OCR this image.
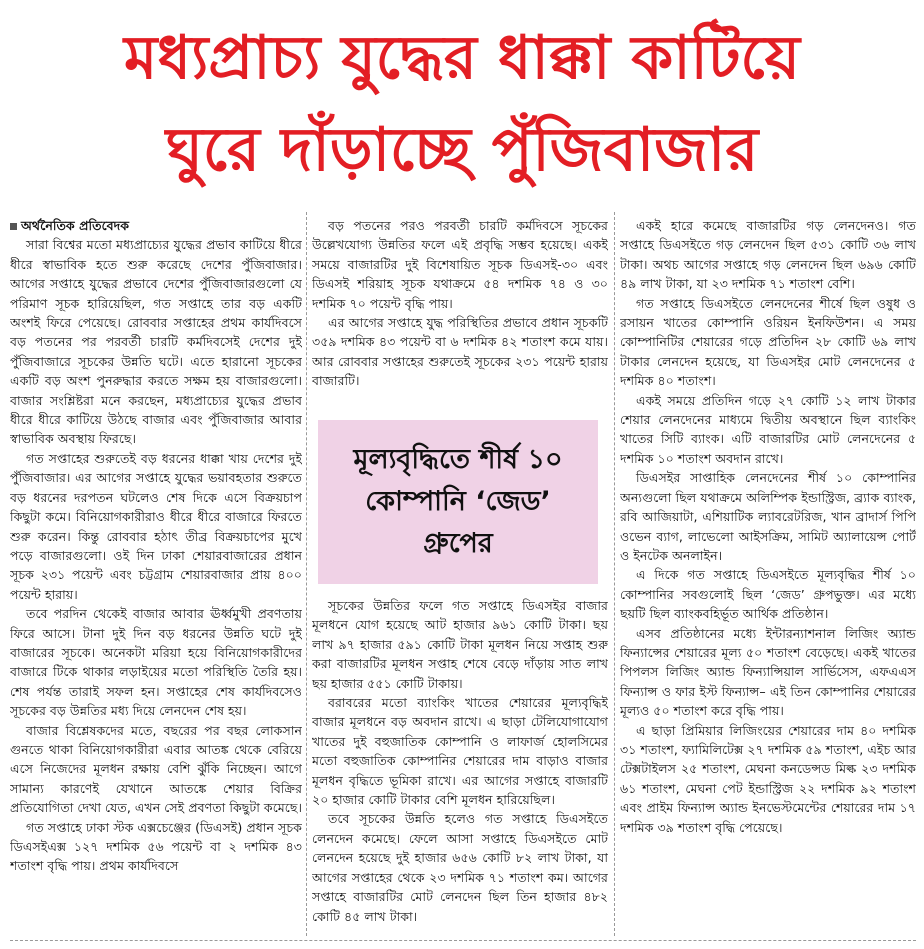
মধ্যপ্রাচ্য যুদ্ধের ধাক্কা কাটিয়ে
ঘুরে দাঁড়াচ্ছে পুঁজিবাজার

অর্থনৈতিক প্রতিবেদক

সারা বিশ্বের মতো মধ্যপ্রাচ্যের যুদ্ধের প্রভাব কাটিয়ে ধীরে ধীরে স্বাভাবিক হতে শুরু করেছে দেশের পুঁজিবাজার। আগের সপ্তাহে যুদ্ধের প্রভাবে দেশের পুঁজিবাজারগুলো যে পরিমাণ সূচক হারিয়েছিল, গত সপ্তাহে তার বড় একটি অংশই ফিরে পেয়েছে। রোববার সপ্তাহের প্রথম কার্যদিবসে বড় পতনের পর পরবর্তী চারটি কর্মদিবসেই দেশের দুই পুঁজিবাজারে সূচকের উন্নতি ঘটে। এতে হারানো সূচকের একটি বড় অংশ পুনরুদ্ধার করতে সক্ষম হয় বাজারগুলো। বাজার সংশ্লিষ্টরা মনে করছেন, মধ্যপ্রাচ্যের যুদ্ধের প্রভাব ধীরে ধীরে কাটিয়ে উঠছে বাজার এবং পুঁজিবাজার আবার স্বাভাবিক অবস্থায় ফিরছে।

গত সপ্তাহের শুরুতেই বড় ধরনের ধাক্কা খায় দেশের দুই পুঁজিবাজার। এর আগের সপ্তাহে যুদ্ধের ভয়াবহতার শুরুতে বড় ধরনের দরপতন ঘটলেও শেষ দিকে এসে বিক্রয়চাপ কিছুটা কমে। বিনিয়োগকারীরাও ধীরে ধীরে বাজারে ফিরতে শুরু করেন। কিন্তু রোববার হঠাৎ তীব্র বিক্রয়চাপের মুখে পড়ে বাজারগুলো। ওই দিন ঢাকা শেয়ারবাজারের প্রধান সূচক ২৩১ পয়েন্ট এবং চট্টগ্রাম শেয়ারবাজার প্রায় ৪০০ পয়েন্ট হারায়।

তবে পরদিন থেকেই বাজার আবার ঊর্ধ্বমুখী প্রবণতায় ফিরে আসে। টানা দুই দিন বড় ধরনের উন্নতি ঘটে দুই বাজারের সূচকে। অনেকটা মরিয়া হয়ে বিনিয়োগকারীদের বাজারে টিকে থাকার লড়াইয়ের মতো পরিস্থিতি তৈরি হয়। শেষ পর্যন্ত তারাই সফল হন। সপ্তাহের শেষ কার্যদিবসেও সূচকের বড় উন্নতির মধ্য দিয়ে লেনদেন শেষ হয়।

বাজার বিশ্লেষকদের মতে, বছরের পর বছর লোকসান গুনতে থাকা বিনিয়োগকারীরা এবার আতঙ্ক থেকে বেরিয়ে এসে নিজেদের মূলধন রক্ষায় বেশি ঝুঁকি নিচ্ছেন। আগে সামান্য কারণেই যেখানে আতঙ্কে শেয়ার বিক্রির প্রতিযোগিতা দেখা যেত, এখন সেই প্রবণতা কিছুটা কমেছে।

গত সপ্তাহে ঢাকা স্টক এক্সচেঞ্জের (ডিএসই) প্রধান সূচক ডিএসইএক্স ১২৭ দশমিক ৫৬ পয়েন্ট বা ২ দশমিক ৪৩ শতাংশ বৃদ্ধি পায়। প্রথম কার্যদিবসে

বড় পতনের পরও পরবর্তী চারটি কর্মদিবসে সূচকের উল্লেখযোগ্য উন্নতির ফলে এই প্রবৃদ্ধি সম্ভব হয়েছে। একই সময়ে বাজারটির দুই বিশেষায়িত সূচক ডিএসই-৩০ এবং ডিএসই শরিয়াহ সূচক যথাক্রমে ৫৪ দশমিক ৭৪ ও ৩০ দশমিক ৭০ পয়েন্ট বৃদ্ধি পায়।

এর আগের সপ্তাহে যুদ্ধ পরিস্থিতির প্রভাবে প্রধান সূচকটি ৩৫৯ দশমিক ৪৩ পয়েন্ট বা ৬ দশমিক ৪২ শতাংশ কমে যায়। আর রোববার সপ্তাহের শুরুতেই সূচকের ২৩১ পয়েন্ট হারায় বাজারটি।

মূল্যবৃদ্ধিতে শীর্ষ ১০
কোম্পানি ‘জেড’
গ্রুপের

সূচকের উন্নতির ফলে গত সপ্তাহে ডিএসইর বাজার মূলধনে যোগ হয়েছে আট হাজার ৯৬১ কোটি টাকা। ছয় লাখ ৯৭ হাজার ৫৯১ কোটি টাকা মূলধন নিয়ে সপ্তাহ শুরু করা বাজারটির মূলধন সপ্তাহ শেষে বেড়ে দাঁড়ায় সাত লাখ ছয় হাজার ৫৫১ কোটি টাকায়।

বরাবরের মতো ব্যাংকিং খাতের শেয়ারের মূল্যবৃদ্ধিই বাজার মূলধনে বড় অবদান রাখে। এ ছাড়া টেলিযোগাযোগ খাতের দুই বহুজাতিক কোম্পানি ও লাফার্জ হোলসিমের মতো বহুজাতিক কোম্পানির শেয়ারের দাম বাড়াও বাজার মূলধন বৃদ্ধিতে ভূমিকা রাখে। এর আগের সপ্তাহে বাজারটি ২০ হাজার কোটি টাকার বেশি মূলধন হারিয়েছিল।

তবে সূচকের উন্নতি হলেও গত সপ্তাহে ডিএসইতে লেনদেন কমেছে। ফেলে আসা সপ্তাহে ডিএসইতে মোট লেনদেন হয়েছে দুই হাজার ৬৫৬ কোটি ৮২ লাখ টাকা, যা আগের সপ্তাহের থেকে ২৩ দশমিক ৭১ শতাংশ কম। আগের সপ্তাহে বাজারটির মোট লেনদেন ছিল তিন হাজার ৪৮২ কোটি ৪৫ লাখ টাকা।

একই হারে কমেছে বাজারটির গড় লেনদেনও। গত সপ্তাহে ডিএসইতে গড় লেনদেন ছিল ৫৩১ কোটি ৩৬ লাখ টাকা। অথচ আগের সপ্তাহে গড় লেনদেন ছিল ৬৯৬ কোটি ৪৯ লাখ টাকা, যা ২৩ দশমিক ৭১ শতাংশ বেশি।

গত সপ্তাহে ডিএসইতে লেনদেনের শীর্ষে ছিল ওষুধ ও রসায়ন খাতের কোম্পানি ওরিয়ন ইনফিউশন। এ সময় কোম্পানিটির শেয়ারের গড়ে প্রতিদিন ২৮ কোটি ৬৯ লাখ টাকার লেনদেন হয়েছে, যা ডিএসইর মোট লেনদেনের ৫ দশমিক ৪০ শতাংশ।

একই সময়ে প্রতিদিন গড়ে ২৭ কোটি ১২ লাখ টাকার শেয়ার লেনদেনের মাধ্যমে দ্বিতীয় অবস্থানে ছিল ব্যাংকিং খাতের সিটি ব্যাংক। এটি বাজারটির মোট লেনদেনের ৫ দশমিক ১০ শতাংশ অবদান রাখে।

ডিএসইর সাপ্তাহিক লেনদেনের শীর্ষ ১০ কোম্পানির অন্যগুলো ছিল যথাক্রমে অলিম্পিক ইন্ডাস্ট্রিজ, ব্র্যাক ব্যাংক, রবি আজিয়াটা, এশিয়াটিক ল্যাবরেটরিজ, খান ব্রাদার্স পিপি ওভেন ব্যাগ, লাভেলো আইসক্রিম, সামিট অ্যালায়েন্স পোর্ট ও ইনটেক অনলাইন।

এ দিকে গত সপ্তাহে ডিএসইতে মূল্যবৃদ্ধির শীর্ষ ১০ কোম্পানির সবগুলোই ছিল ‘জেড’ গ্রুপভুক্ত। এর মধ্যে ছয়টি ছিল ব্যাংকবহির্ভূত আর্থিক প্রতিষ্ঠান।

এসব প্রতিষ্ঠানের মধ্যে ইন্টারন্যাশনাল লিজিং অ্যান্ড ফিন্যান্সের শেয়ারের মূল্য ৫০ শতাংশ বেড়েছে। একই খাতের পিপলস লিজিং অ্যান্ড ফিন্যান্সিয়াল সার্ভিসেস, এফএএস ফিন্যান্স ও ফার ইস্ট ফিন্যান্স– এই তিন কোম্পানির শেয়ারের মূল্যও ৫০ শতাংশ করে বৃদ্ধি পায়।

এ ছাড়া প্রিমিয়ার লিজিংয়ের শেয়ারের দাম ৪০ দশমিক ৩১ শতাংশ, ফ্যামিলিটেক্স ২৭ দশমিক ৫৯ শতাংশ, এইচ আর টেক্সটাইলস ২৫ শতাংশ, মেঘনা কনডেন্সড মিল্ক ২৩ দশমিক ৬১ শতাংশ, মেঘনা পেট ইন্ডাস্ট্রিজ ২২ দশমিক ৯২ শতাংশ এবং প্রাইম ফিন্যান্স অ্যান্ড ইনভেস্টমেন্টের শেয়ারের দাম ১৭ দশমিক ৩৯ শতাংশ বৃদ্ধি পেয়েছে।
